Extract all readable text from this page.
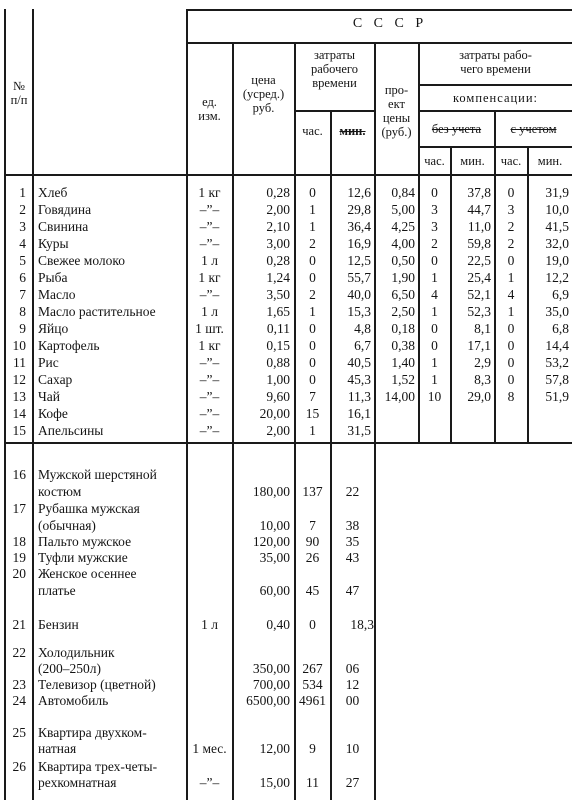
С С С Р
№
п/п	ед.
изм.
цена
(усред.)
руб.
затраты
рабочего
времени
час.	мин.
про-
ект
цены
(руб.)
затраты рабо-
чего времени
компенсации:
без учета	с учетом
час.	мин.	час.	мин.
1 Хлеб	1 кг	0,28	0	12,6	0,84	0	37,8	0	31,9
2 Говядина	–”–	2,00	1	29,8	5,00	3	44,7	3	10,0
3 Свинина	–”–	2,10	1	36,4	4,25	3	11,0	2	41,5
4 Куры	–”–	3,00	2	16,9	4,00	2	59,8	2	32,0
5 Свежее молоко	1 л	0,28	0	12,5	0,50	0	22,5	0	19,0
6 Рыба	1 кг	1,24	0	55,7	1,90	1	25,4	1	12,2
7 Масло	–”–	3,50	2	40,0	6,50	4	52,1	4	6,9
8 Масло растительное	1 л	1,65	1	15,3	2,50	1	52,3	1	35,0
9 Яйцо	1 шт.	0,11	0	4,8	0,18	0	8,1	0	6,8
10 Картофель	1 кг	0,15	0	6,7	0,38	0	17,1	0	14,4
11 Рис	–”–	0,88	0	40,5	1,40	1	2,9	0	53,2
12 Сахар	–”–	1,00	0	45,3	1,52	1	8,3	0	57,8
13 Чай	–”–	9,60	7	11,3	14,00 10	29,0	8	51,9
14 Кофе	–”–	20,00	15	16,1
15 Апельсины	–”–	2,00	1	31,5
16 Мужской шерстяной
костюм	180,00 137	22
17 Рубашка мужская
(обычная)	10,00	7	38
18 Пальто мужское	120,00	90	35
19 Туфли мужские	35,00	26	43
20 Женское осеннее
платье	60,00	45	47
21 Бензин	1 л	0,40	0	18,3
22 Холодильник
(200–250л)	350,00 267	06
23 Телевизор (цветной)	700,00 534	12
24 Автомобиль	6500,00 4961	00
25 Квартира двухком-
натная	1 мес.	12,00	9	10
26 Квартира трех-четы-
рехкомнатная	–”–	15,00	11	27
